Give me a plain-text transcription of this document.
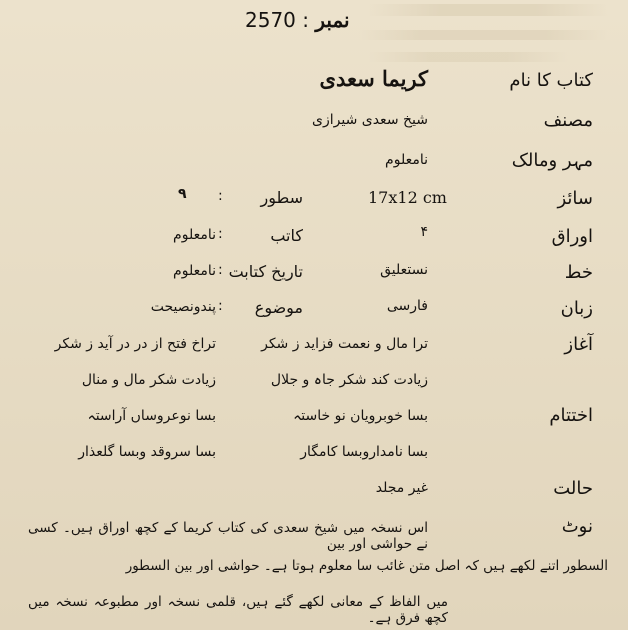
2570 : نمبر
کتاب کا نام
مصنف
مہر ومالک
سائز
اوراق
خط
زبان
آغاز
اختتام
حالت
نوٹ
کریما سعدی
شیخ سعدی شیرازی
نامعلوم
17x12 cm
سطور
:
۹
۴
کاتب
:
نامعلوم
نستعلیق
تاریخ کتابت
:
نامعلوم
فارسی
موضوع
:
پندونصیحت
ترا مال و نعمت فزاید ز شکر
تراخ فتح از در در آید ز شکر
زیادت کند شکر جاہ و جلال
زیادت شکر مال و منال
بسا خوبرویان نو خاستہ
بسا نوعروساں آراستہ
بسا نامداروبسا کامگار
بسا سروقد وبسا گلعذار
غیر مجلد
اس نسخہ میں شیخ سعدی کی کتاب کریما کے کچھ اوراق ہیں۔ کسی نے حواشی اور بین
السطور اتنے لکھے ہیں کہ اصل متن غائب سا معلوم ہوتا ہے۔ حواشی اور بین السطور
میں الفاظ کے معانی لکھے گئے ہیں، قلمی نسخہ اور مطبوعہ نسخہ میں کچھ فرق ہے۔
